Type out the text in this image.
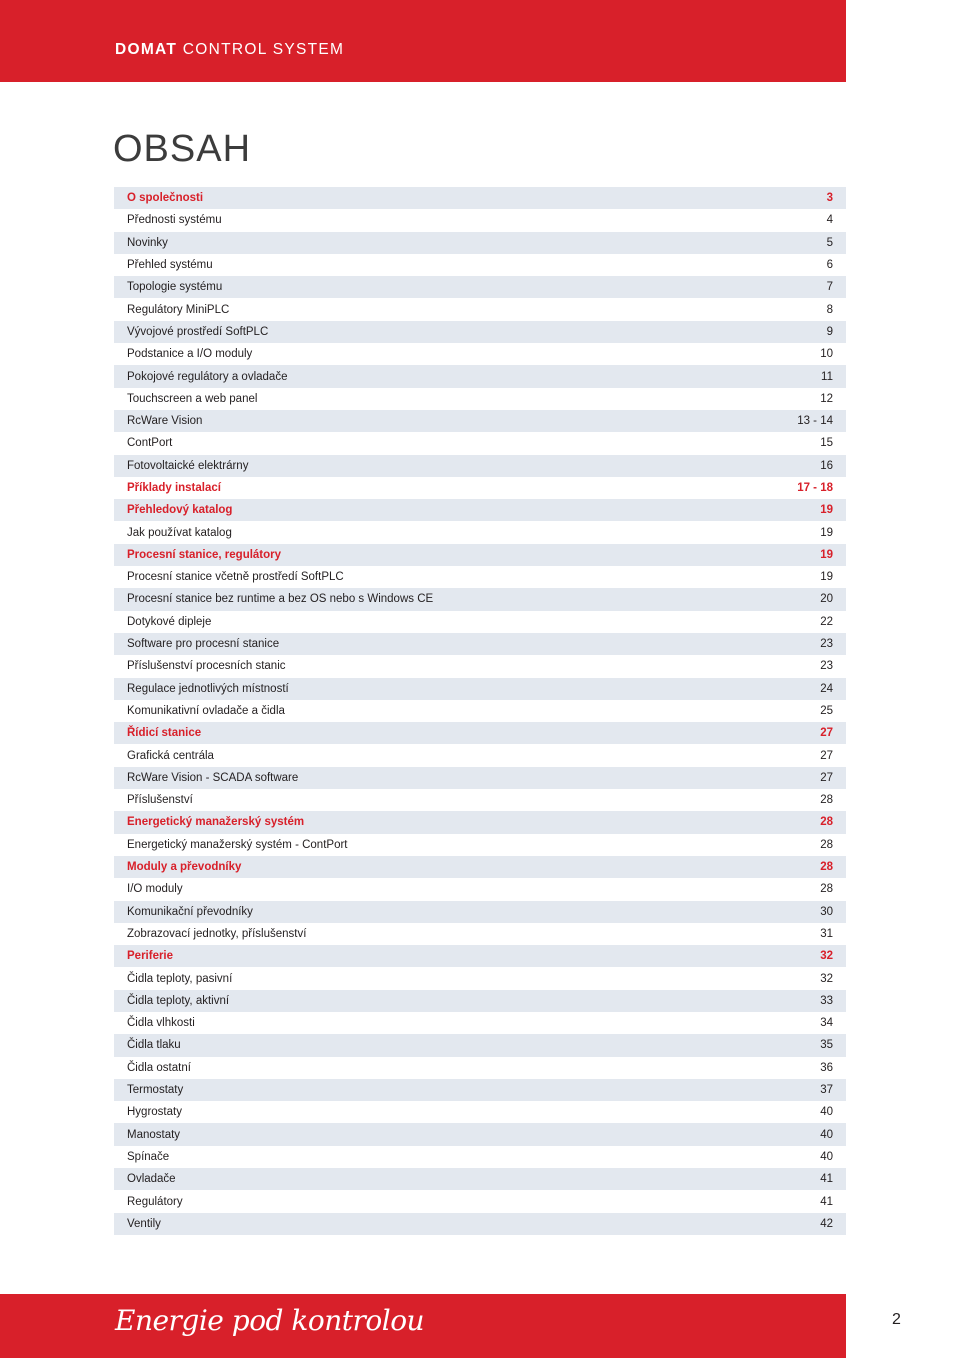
DOMAT CONTROL SYSTEM
OBSAH
O společnosti	3
Přednosti systému	4
Novinky	5
Přehled systému	6
Topologie systému	7
Regulátory MiniPLC	8
Vývojové prostředí SoftPLC	9
Podstanice a I/O moduly	10
Pokojové regulátory a ovladače	11
Touchscreen a web panel	12
RcWare Vision	13 - 14
ContPort	15
Fotovoltaické elektrárny	16
Příklady instalací	17 - 18
Přehledový katalog	19
Jak používat katalog	19
Procesní stanice, regulátory	19
Procesní stanice včetně prostředí SoftPLC	19
Procesní stanice bez runtime a bez OS nebo s Windows CE	20
Dotykové dipleje	22
Software pro procesní stanice	23
Příslušenství procesních stanic	23
Regulace jednotlivých místností	24
Komunikativní ovladače a čidla	25
Řídicí stanice	27
Grafická centrála	27
RcWare Vision - SCADA software	27
Příslušenství	28
Energetický manažerský systém	28
Energetický manažerský systém - ContPort	28
Moduly a převodníky	28
I/O moduly	28
Komunikační převodníky	30
Zobrazovací jednotky, příslušenství	31
Periferie	32
Čidla teploty, pasivní	32
Čidla teploty, aktivní	33
Čidla vlhkosti	34
Čidla tlaku	35
Čidla ostatní	36
Termostaty	37
Hygrostaty	40
Manostaty	40
Spínače	40
Ovladače	41
Regulátory	41
Ventily	42
Energie pod kontrolou	2
